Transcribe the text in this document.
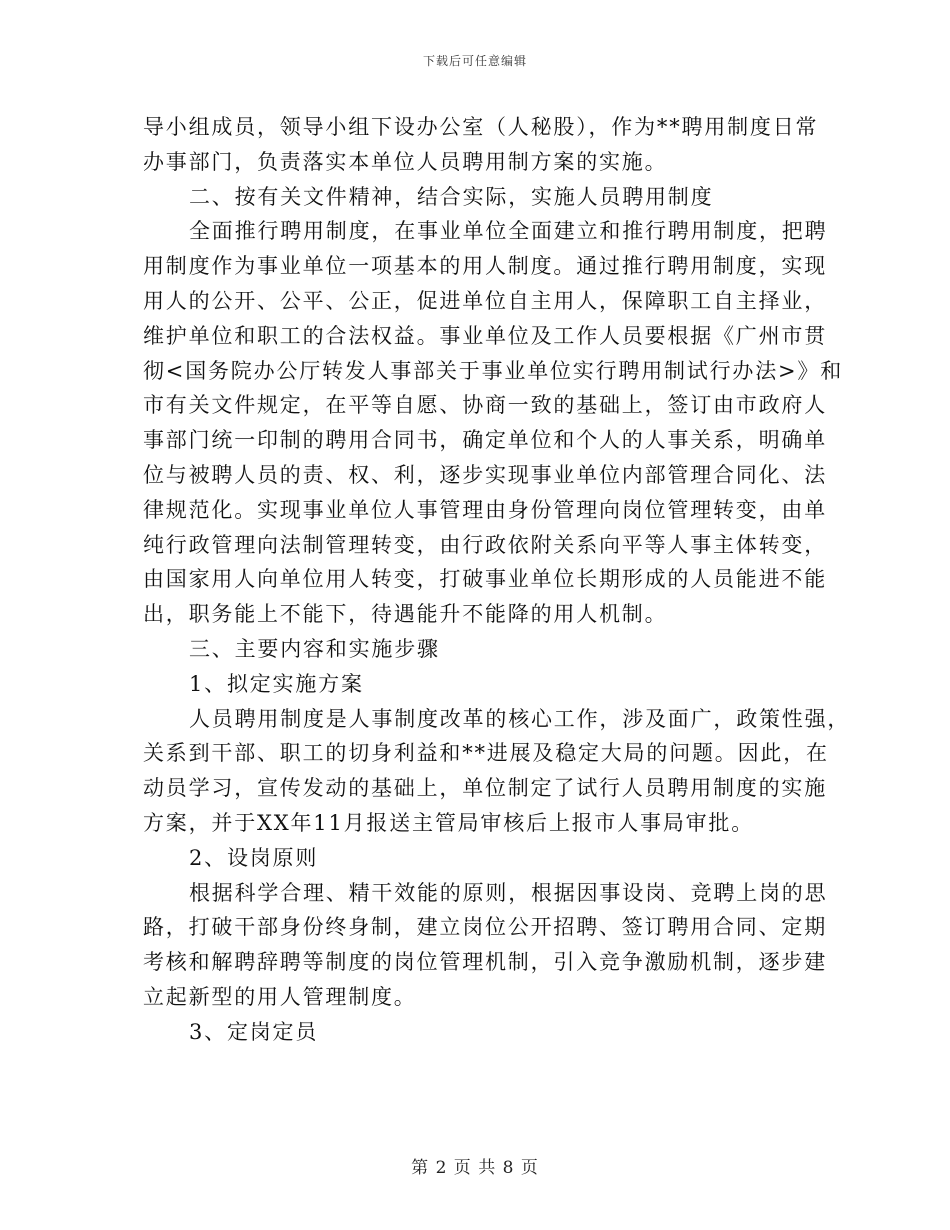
下载后可任意编辑
导小组成员，领导小组下设办公室（人秘股），作为**聘用制度日常
办事部门，负责落实本单位人员聘用制方案的实施。
二、按有关文件精神，结合实际，实施人员聘用制度
全面推行聘用制度，在事业单位全面建立和推行聘用制度，把聘
用制度作为事业单位一项基本的用人制度。通过推行聘用制度，实现
用人的公开、公平、公正，促进单位自主用人，保障职工自主择业，
维护单位和职工的合法权益。事业单位及工作人员要根据《广州市贯
彻<国务院办公厅转发人事部关于事业单位实行聘用制试行办法>》和
市有关文件规定，在平等自愿、协商一致的基础上，签订由市政府人
事部门统一印制的聘用合同书，确定单位和个人的人事关系，明确单
位与被聘人员的责、权、利，逐步实现事业单位内部管理合同化、法
律规范化。实现事业单位人事管理由身份管理向岗位管理转变，由单
纯行政管理向法制管理转变，由行政依附关系向平等人事主体转变，
由国家用人向单位用人转变，打破事业单位长期形成的人员能进不能
出，职务能上不能下，待遇能升不能降的用人机制。
三、主要内容和实施步骤
1、拟定实施方案
人员聘用制度是人事制度改革的核心工作，涉及面广，政策性强，
关系到干部、职工的切身利益和**进展及稳定大局的问题。因此，在
动员学习，宣传发动的基础上，单位制定了试行人员聘用制度的实施
方案，并于XX年11月报送主管局审核后上报市人事局审批。
2、设岗原则
根据科学合理、精干效能的原则，根据因事设岗、竞聘上岗的思
路，打破干部身份终身制，建立岗位公开招聘、签订聘用合同、定期
考核和解聘辞聘等制度的岗位管理机制，引入竞争激励机制，逐步建
立起新型的用人管理制度。
3、定岗定员
第 2 页 共 8 页
